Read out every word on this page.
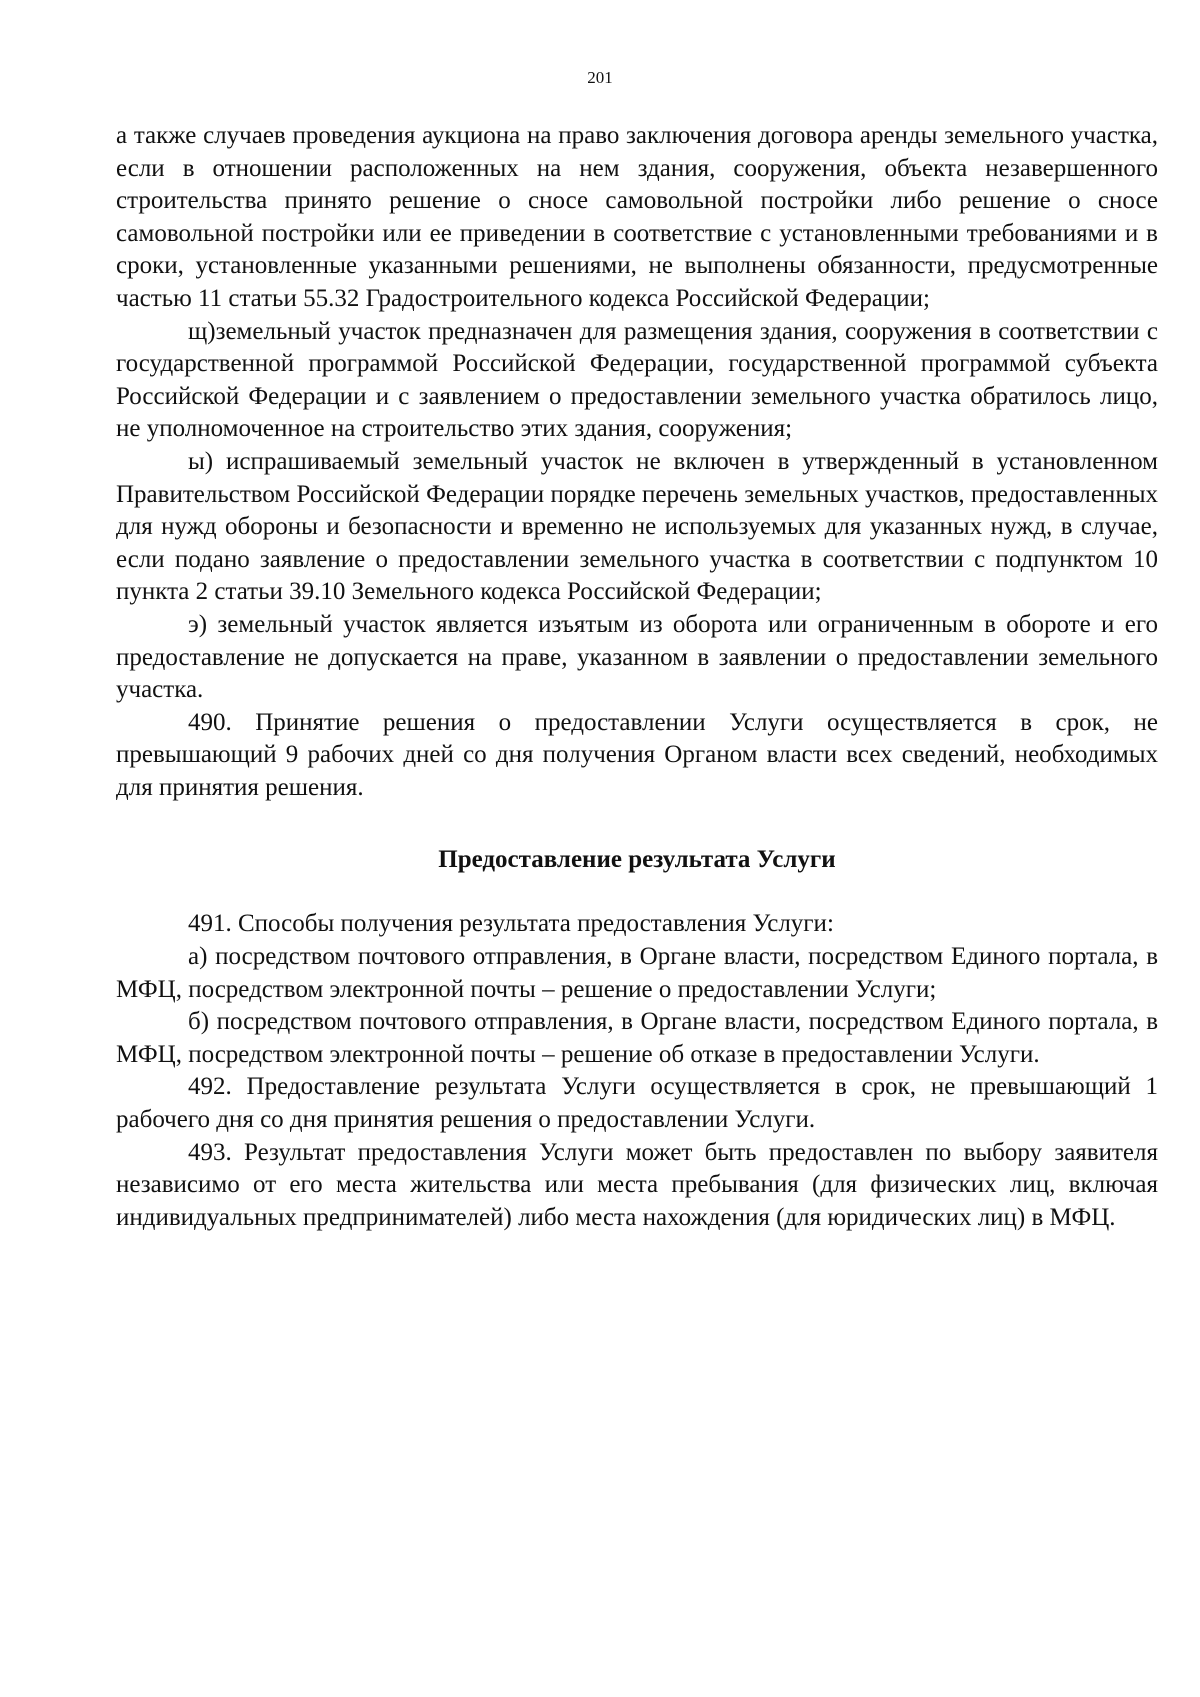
201

а также случаев проведения аукциона на право заключения договора аренды земельного участка, если в отношении расположенных на нем здания, сооружения, объекта незавершенного строительства принято решение о сносе самовольной постройки либо решение о сносе самовольной постройки или ее приведении в соответствие с установленными требованиями и в сроки, установленные указанными решениями, не выполнены обязанности, предусмотренные частью 11 статьи 55.32 Градостроительного кодекса Российской Федерации;

щ)земельный участок предназначен для размещения здания, сооружения в соответствии с государственной программой Российской Федерации, государственной программой субъекта Российской Федерации и с заявлением о предоставлении земельного участка обратилось лицо, не уполномоченное на строительство этих здания, сооружения;

ы) испрашиваемый земельный участок не включен в утвержденный в установленном Правительством Российской Федерации порядке перечень земельных участков, предоставленных для нужд обороны и безопасности и временно не используемых для указанных нужд, в случае, если подано заявление о предоставлении земельного участка в соответствии с подпунктом 10 пункта 2 статьи 39.10 Земельного кодекса Российской Федерации;

э) земельный участок является изъятым из оборота или ограниченным в обороте и его предоставление не допускается на праве, указанном в заявлении о предоставлении земельного участка.

490. Принятие решения о предоставлении Услуги осуществляется в срок, не превышающий 9 рабочих дней со дня получения Органом власти всех сведений, необходимых для принятия решения.

Предоставление результата Услуги

491. Способы получения результата предоставления Услуги:

а) посредством почтового отправления, в Органе власти, посредством Единого портала, в МФЦ, посредством электронной почты – решение о предоставлении Услуги;

б) посредством почтового отправления, в Органе власти, посредством Единого портала, в МФЦ, посредством электронной почты – решение об отказе в предоставлении Услуги.

492. Предоставление результата Услуги осуществляется в срок, не превышающий 1 рабочего дня со дня принятия решения о предоставлении Услуги.

493. Результат предоставления Услуги может быть предоставлен по выбору заявителя независимо от его места жительства или места пребывания (для физических лиц, включая индивидуальных предпринимателей) либо места нахождения (для юридических лиц) в МФЦ.
